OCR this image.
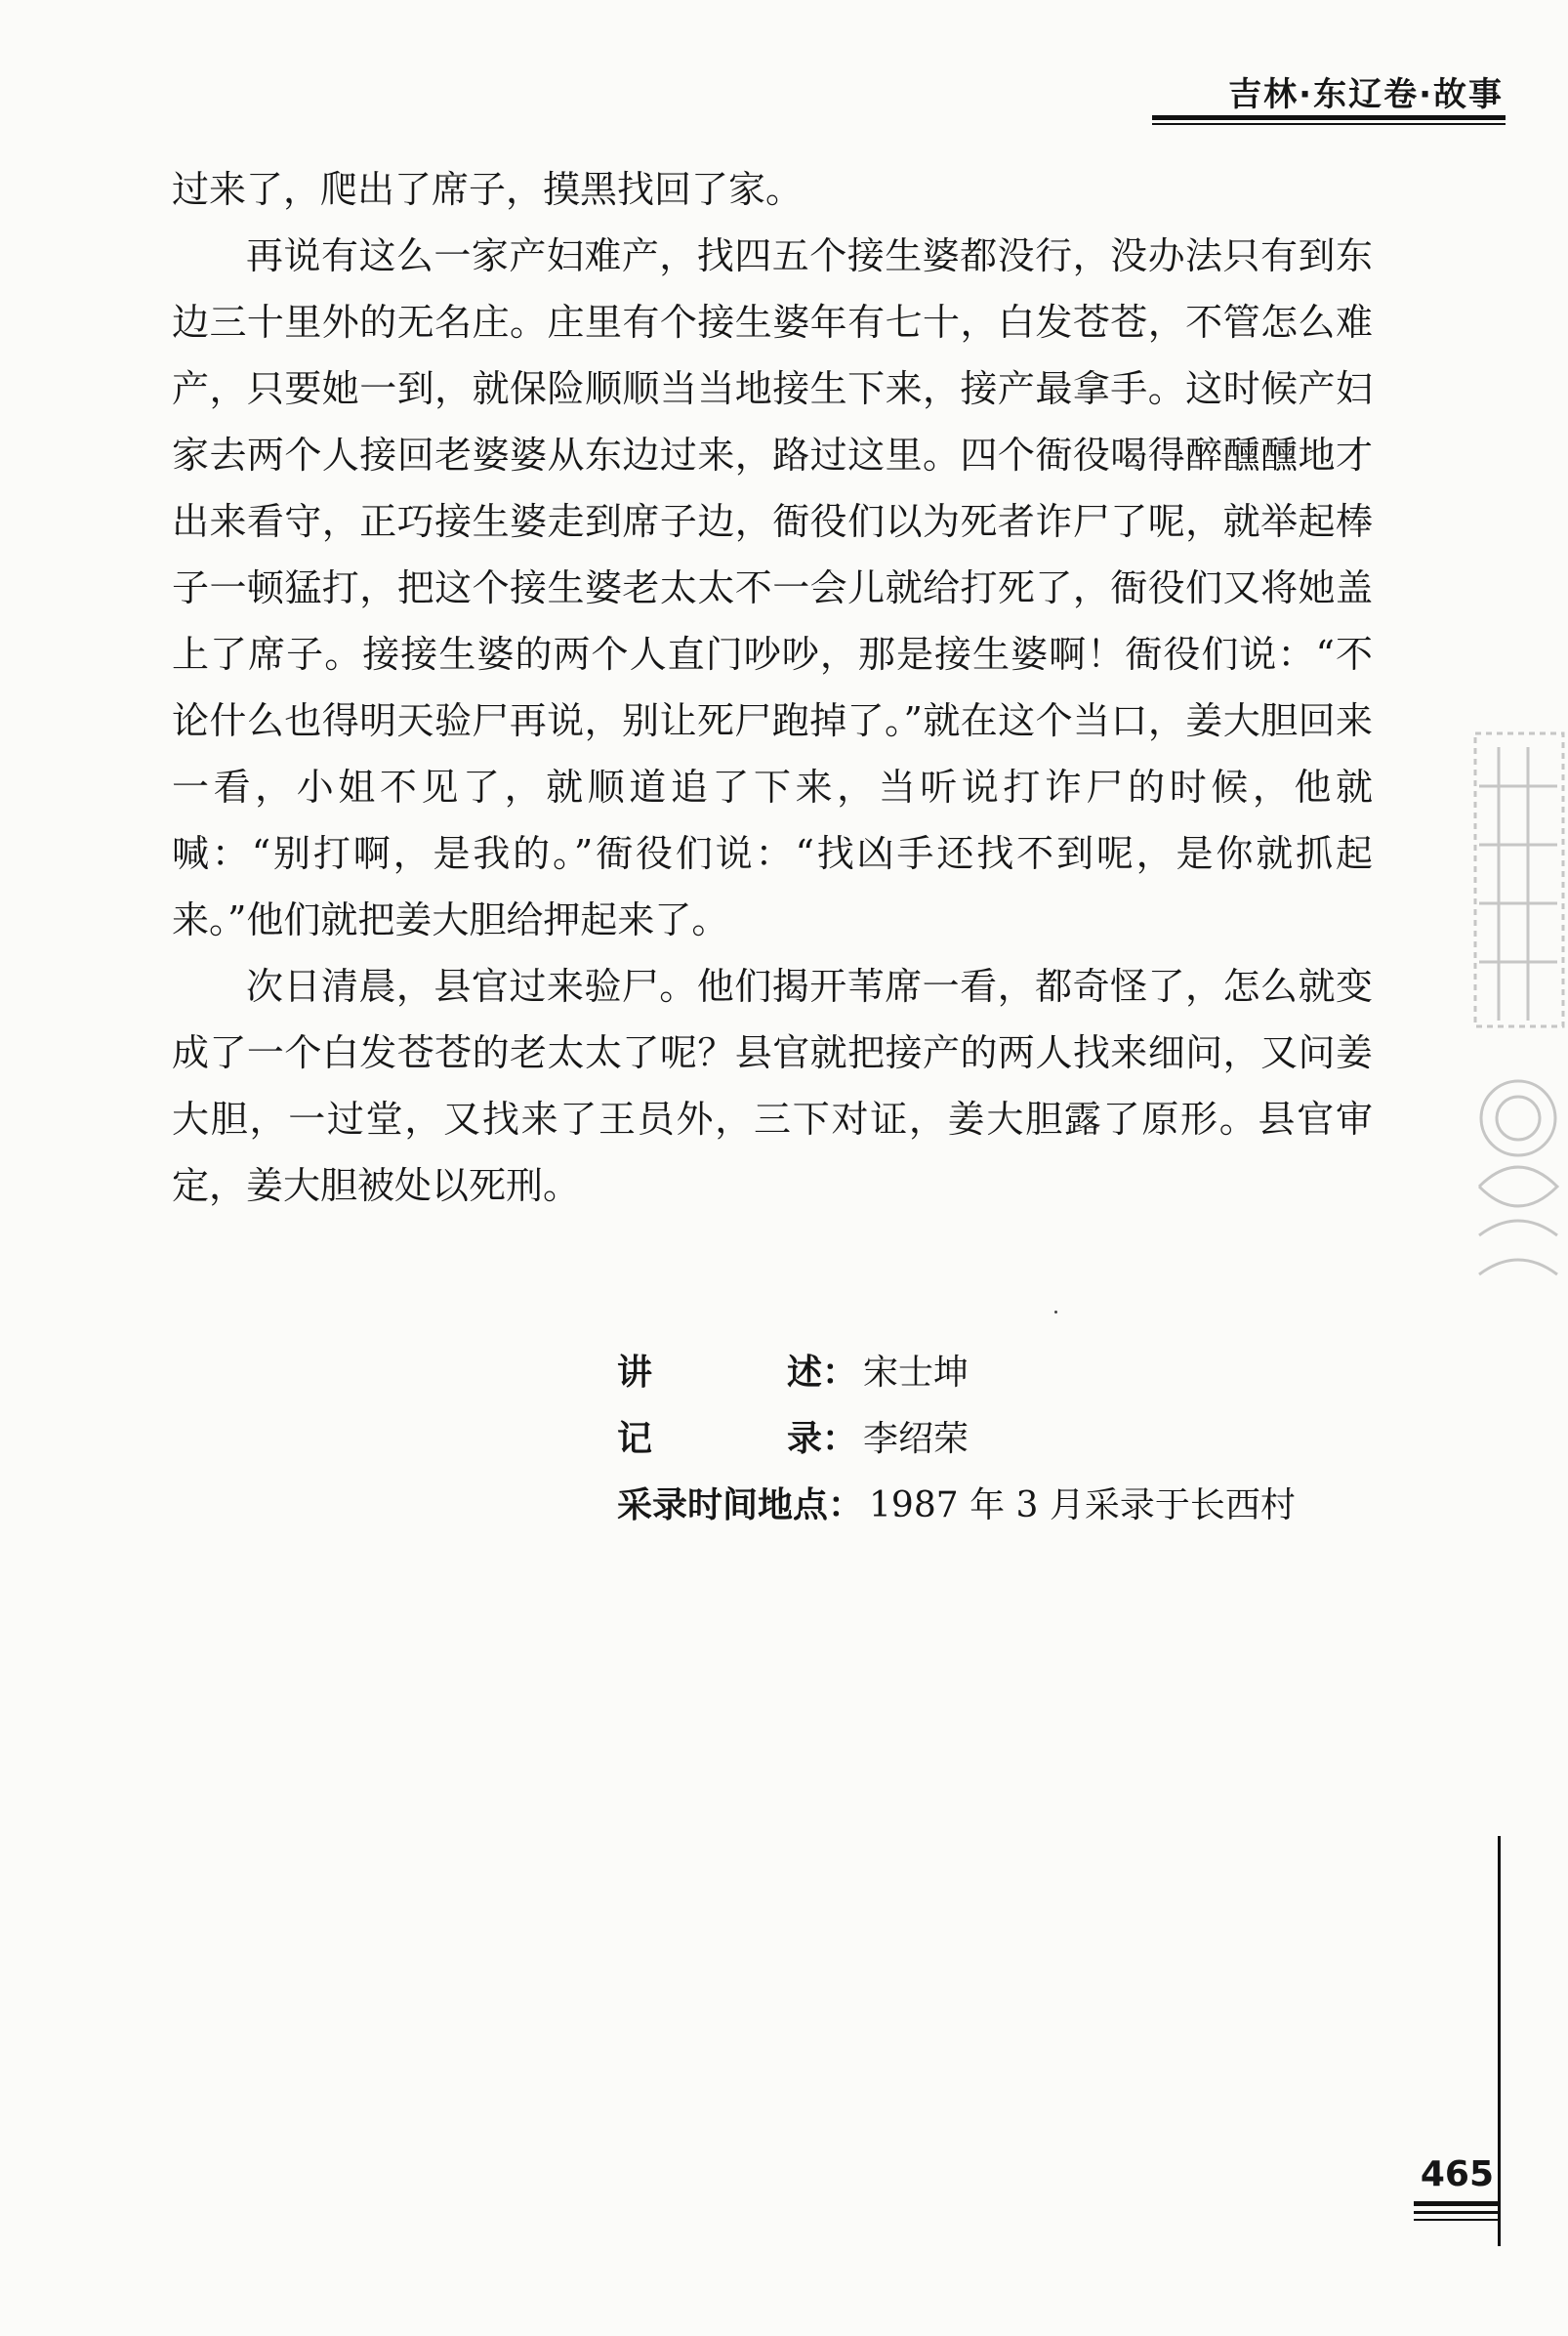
吉林·东辽卷·故事

过来了，爬出了席子，摸黑找回了家。

再说有这么一家产妇难产，找四五个接生婆都没行，没办法只有到东边三十里外的无名庄。庄里有个接生婆年有七十，白发苍苍，不管怎么难产，只要她一到，就保险顺顺当当地接生下来，接产最拿手。这时候产妇家去两个人接回老婆婆从东边过来，路过这里。四个衙役喝得醉醺醺地才出来看守，正巧接生婆走到席子边，衙役们以为死者诈尸了呢，就举起棒子一顿猛打，把这个接生婆老太太不一会儿就给打死了，衙役们又将她盖上了席子。接接生婆的两个人直门吵吵，那是接生婆啊！衙役们说：“不论什么也得明天验尸再说，别让死尸跑掉了。”就在这个当口，姜大胆回来一看，小姐不见了，就顺道追了下来，当听说打诈尸的时候，他就喊：“别打啊，是我的。”衙役们说：“找凶手还找不到呢，是你就抓起来。”他们就把姜大胆给押起来了。

次日清晨，县官过来验尸。他们揭开苇席一看，都奇怪了，怎么就变成了一个白发苍苍的老太太了呢？县官就把接产的两人找来细问，又问姜大胆，一过堂，又找来了王员外，三下对证，姜大胆露了原形。县官审定，姜大胆被处以死刑。

讲述 ： 宋士坤
记录 ： 李绍荣
采录时间地点 ： 1987 年 3 月采录于长西村
465
